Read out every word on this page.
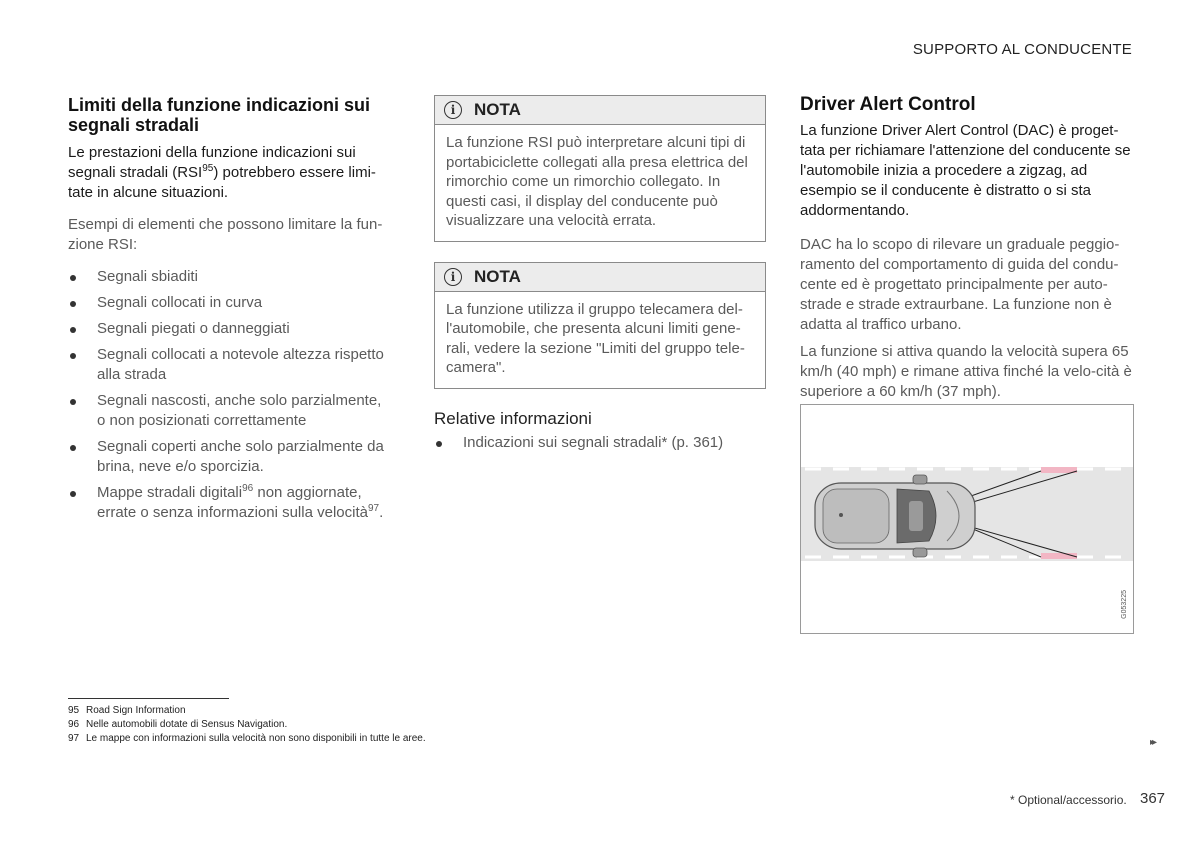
SUPPORTO AL CONDUCENTE
Limiti della funzione indicazioni sui segnali stradali

Le prestazioni della funzione indicazioni sui segnali stradali (RSI$^{95}$) potrebbero essere limi-tate in alcune situazioni.

Esempi di elementi che possono limitare la fun-zione RSI:

Segnali sbiaditi
Segnali collocati in curva
Segnali piegati o danneggiati
Segnali collocati a notevole altezza rispetto alla strada
Segnali nascosti, anche solo parzialmente, o non posizionati correttamente
Segnali coperti anche solo parzialmente da brina, neve e/o sporcizia.
Mappe stradali digitali$^{96}$ non aggiornate, errate o senza informazioni sulla velocità$^{97}$.
i	NOTA
La funzione RSI può interpretare alcuni tipi di portabiciclette collegati alla presa elettrica del rimorchio come un rimorchio collegato. In questi casi, il display del conducente può visualizzare una velocità errata.
i	NOTA
La funzione utilizza il gruppo telecamera del-l'automobile, che presenta alcuni limiti gene-rali, vedere la sezione "Limiti del gruppo tele-camera".
Relative informazioni
Indicazioni sui segnali stradali* (p. 361)
Driver Alert Control

La funzione Driver Alert Control (DAC) è proget-tata per richiamare l'attenzione del conducente se l'automobile inizia a procedere a zigzag, ad esempio se il conducente è distratto o si sta addormentando.

DAC ha lo scopo di rilevare un graduale peggio-ramento del comportamento di guida del condu-cente ed è progettato principalmente per auto-strade e strade extraurbane. La funzione non è adatta al traffico urbano.

La funzione si attiva quando la velocità supera 65 km/h (40 mph) e rimane attiva finché la velo-cità è superiore a 60 km/h (37 mph).

G053225
95 Road Sign Information
96 Nelle automobili dotate di Sensus Navigation.
97 Le mappe con informazioni sulla velocità non sono disponibili in tutte le aree.	▸▸
* Optional/accessorio. 367
